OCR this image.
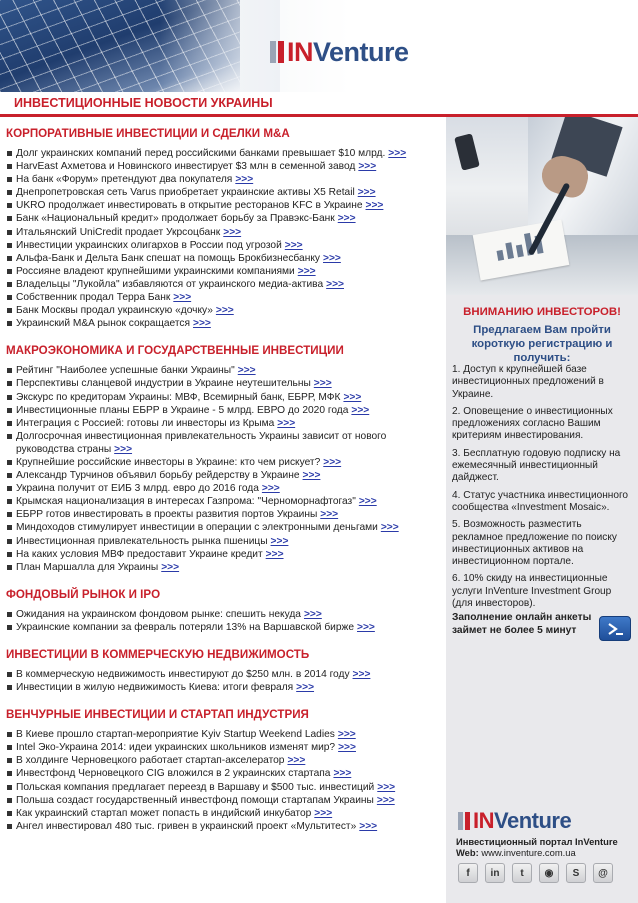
INVenture
ИНВЕСТИЦИОННЫЕ НОВОСТИ УКРАИНЫ
КОРПОРАТИВНЫЕ ИНВЕСТИЦИИ И СДЕЛКИ M&A
Долг украинских компаний перед российскими банками превышает $10 млрд. >>>
HarvEast Ахметова и Новинского инвестирует $3 млн в семенной завод >>>
На банк «Форум» претендуют два покупателя >>>
Днепропетровская сеть Varus приобретает украинские активы X5 Retail >>>
UKRO продолжает инвестировать в открытие ресторанов KFC в Украине >>>
Банк «Национальный кредит» продолжает борьбу за Правэкс-Банк >>>
Итальянский UniCredit продает Укрсоцбанк >>>
Инвестиции украинских олигархов в России под угрозой >>>
Альфа-Банк и Дельта Банк спешат на помощь Брокбизнесбанку >>>
Россияне владеют крупнейшими украинскими компаниями >>>
Владельцы "Лукойла" избавляются от украинского медиа-актива >>>
Собственник продал Терра Банк >>>
Банк Москвы продал украинскую «дочку» >>>
Украинский M&A рынок сокращается >>>
МАКРОЭКОНОМИКА И ГОСУДАРСТВЕННЫЕ ИНВЕСТИЦИИ
Рейтинг "Наиболее успешные банки Украины" >>>
Перспективы сланцевой индустрии в Украине неутешительны >>>
Экскурс по кредиторам Украины: МВФ, Всемирный банк, ЕБРР, МФК >>>
Инвестиционные планы ЕБРР в Украине - 5 млрд. ЕВРО до 2020 года >>>
Интеграция с Россией: готовы ли инвесторы из Крыма >>>
Долгосрочная инвестиционная привлекательность Украины зависит от нового руководства страны >>>
Крупнейшие российские инвесторы в Украине: кто чем рискует? >>>
Александр Турчинов объявил борьбу рейдерству в Украине >>>
Украина получит от ЕИБ 3 млрд. евро до 2016 года >>>
Крымская национализация в интересах Газпрома: "Черноморнафтогаз" >>>
ЕБРР готов инвестировать в проекты развития портов Украины >>>
Миндоходов стимулирует инвестиции в операции с электронными деньгами >>>
Инвестиционная привлекательность рынка пшеницы >>>
На каких условия МВФ предоставит Украине кредит >>>
План Маршалла для Украины >>>
ФОНДОВЫЙ РЫНОК И IPO
Ожидания на украинском фондовом рынке: спешить некуда >>>
Украинские компании за февраль потеряли 13% на Варшавской бирже >>>
ИНВЕСТИЦИИ В КОММЕРЧЕСКУЮ НЕДВИЖИМОСТЬ
В коммерческую недвижимость инвестируют до $250 млн. в 2014 году >>>
Инвестиции в жилую недвижимость Киева: итоги февраля >>>
ВЕНЧУРНЫЕ ИНВЕСТИЦИИ И СТАРТАП ИНДУСТРИЯ
В Киеве прошло стартап-мероприятие Kyiv Startup Weekend Ladies >>>
Intel Эко-Украина 2014: идеи украинских школьников изменят мир? >>>
В холдинге Черновецкого работает стартап-акселератор >>>
Инвестфонд Черновецкого CIG вложился в 2 украинских стартапа >>>
Польская компания предлагает переезд в Варшаву и $500 тыс. инвестиций >>>
Польша создаст государственный инвестфонд помощи стартапам Украины >>>
Как украинский стартап может попасть в индийский инкубатор >>>
Ангел инвестировал 480 тыс. гривен в украинский проект «Мультитест» >>>
ВНИМАНИЮ ИНВЕСТОРОВ!
Предлагаем Вам пройти короткую регистрацию и получить:
1. Доступ к крупнейшей базе инвестиционных предложений в Украине.
2. Оповещение о инвестиционных предложениях согласно Вашим критериям инвестирования.
3. Бесплатную годовую подписку на ежемесячный инвестиционный дайджест.
4. Статус участника инвестиционного сообщества «Investment Mosaic».
5. Возможность разместить рекламное предложение по поиску инвестиционных активов на инвестиционном портале.
6. 10% скиду на инвестиционные услуги InVenture Investment Group (для инвесторов).
Заполнение онлайн анкеты займет не более 5 минут
INVenture
Инвестиционный портал InVenture
Web: www.inventure.com.ua
f	in	t	◉	S	@
